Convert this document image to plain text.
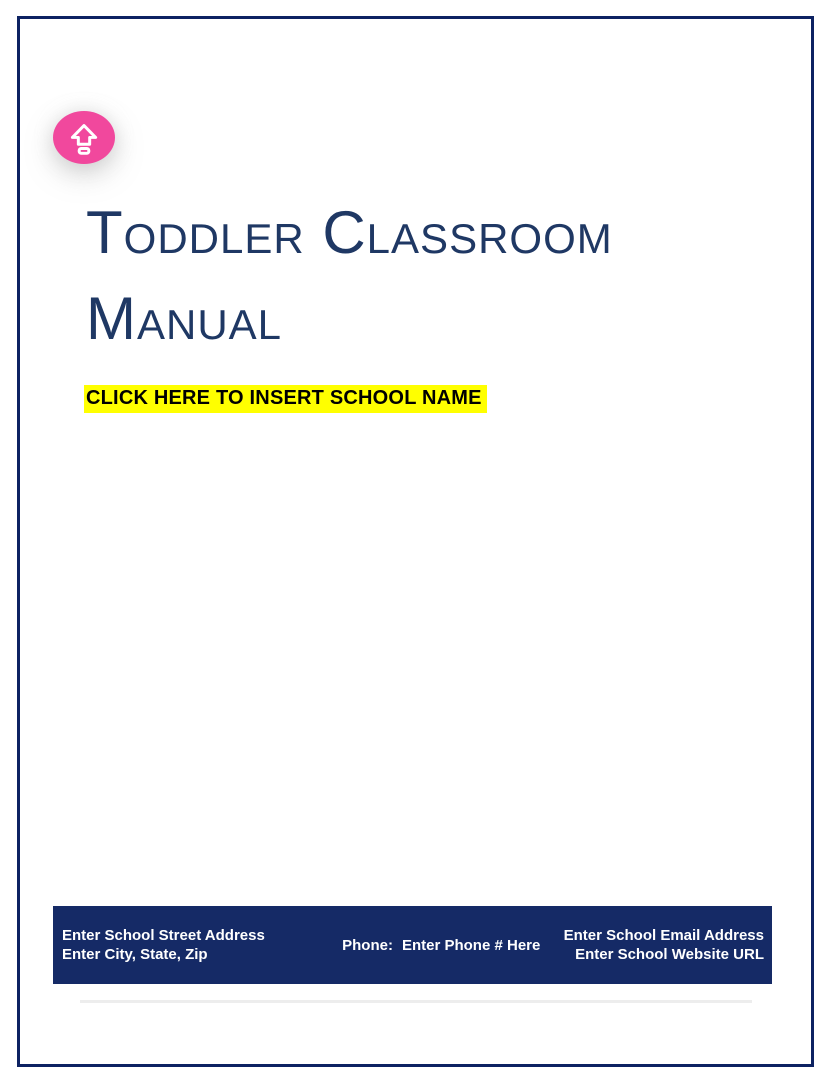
Toddler Classroom
Manual
CLICK HERE TO INSERT SCHOOL NAME
Enter School Street Address
Enter City, State, Zip
Phone: Enter Phone # Here
Enter School Email Address
Enter School Website URL
